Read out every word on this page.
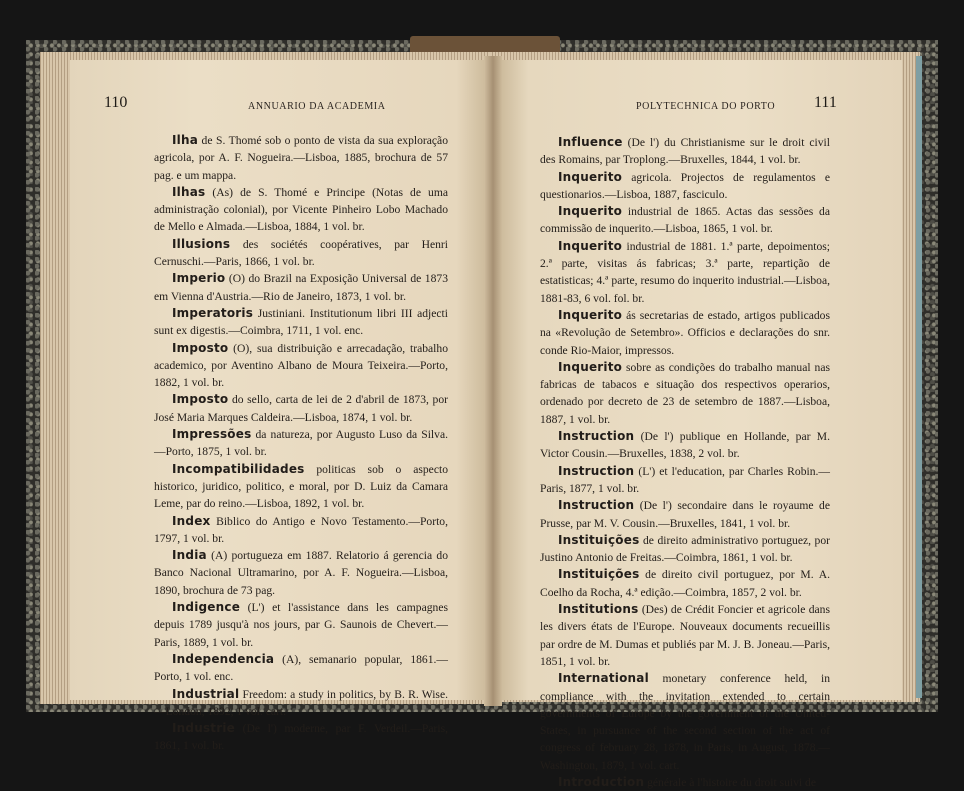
110	ANNUARIO DA ACADEMIA

Ilha de S. Thomé sob o ponto de vista da sua exploração agricola, por A. F. Nogueira.—Lisboa, 1885, brochura de 57 pag. e um mappa.

Ilhas (As) de S. Thomé e Principe (Notas de uma administração colonial), por Vicente Pinheiro Lobo Machado de Mello e Almada.—Lisboa, 1884, 1 vol. br.

Illusions des sociétés coopératives, par Henri Cernuschi.—Paris, 1866, 1 vol. br.

Imperio (O) do Brazil na Exposição Universal de 1873 em Vienna d'Austria.—Rio de Janeiro, 1873, 1 vol. br.

Imperatoris Justiniani. Institutionum libri III adjecti sunt ex digestis.—Coimbra, 1711, 1 vol. enc.

Imposto (O), sua distribuição e arrecadação, trabalho academico, por Aventino Albano de Moura Teixeira.—Porto, 1882, 1 vol. br.

Imposto do sello, carta de lei de 2 d'abril de 1873, por José Maria Marques Caldeira.—Lisboa, 1874, 1 vol. br.

Impressões da natureza, por Augusto Luso da Silva.—Porto, 1875, 1 vol. br.

Incompatibilidades politicas sob o aspecto historico, juridico, politico, e moral, por D. Luiz da Camara Leme, par do reino.—Lisboa, 1892, 1 vol. br.

Index Biblico do Antigo e Novo Testamento.—Porto, 1797, 1 vol. br.

India (A) portugueza em 1887. Relatorio á gerencia do Banco Nacional Ultramarino, por A. F. Nogueira.—Lisboa, 1890, brochura de 73 pag.

Indigence (L') et l'assistance dans les campagnes depuis 1789 jusqu'à nos jours, par G. Saunois de Chevert.—Paris, 1889, 1 vol. br.

Independencia (A), semanario popular, 1861.—Porto, 1 vol. enc.

Industrial Freedom: a study in politics, by B. R. Wise.—London, 1892, 1 vol. cart.

Industrie (De l') moderne, par F. Verdeil.—Paris, 1861, 1 vol. br.

POLYTECHNICA DO PORTO 111

Influence (De l') du Christianisme sur le droit civil des Romains, par Troplong.—Bruxelles, 1844, 1 vol. br.

Inquerito agricola. Projectos de regulamentos e questionarios.—Lisboa, 1887, fasciculo.

Inquerito industrial de 1865. Actas das sessões da commissão de inquerito.—Lisboa, 1865, 1 vol. br.

Inquerito industrial de 1881. 1.ª parte, depoimentos; 2.ª parte, visitas ás fabricas; 3.ª parte, repartição de estatisticas; 4.ª parte, resumo do inquerito industrial.—Lisboa, 1881-83, 6 vol. fol. br.

Inquerito ás secretarias de estado, artigos publicados na «Revolução de Setembro». Officios e declarações do snr. conde Rio-Maior, impressos.

Inquerito sobre as condições do trabalho manual nas fabricas de tabacos e situação dos respectivos operarios, ordenado por decreto de 23 de setembro de 1887.—Lisboa, 1887, 1 vol. br.

Instruction (De l') publique en Hollande, par M. Victor Cousin.—Bruxelles, 1838, 2 vol. br.

Instruction (L') et l'education, par Charles Robin.—Paris, 1877, 1 vol. br.

Instruction (De l') secondaire dans le royaume de Prusse, par M. V. Cousin.—Bruxelles, 1841, 1 vol. br.

Instituições de direito administrativo portuguez, por Justino Antonio de Freitas.—Coimbra, 1861, 1 vol. br.

Instituições de direito civil portuguez, por M. A. Coelho da Rocha, 4.ª edição.—Coimbra, 1857, 2 vol. br.

Institutions (Des) de Crédit Foncier et agricole dans les divers états de l'Europe. Nouveaux documents recueillis par ordre de M. Dumas et publiés par M. J. B. Joneau.—Paris, 1851, 1 vol. br.

International monetary conference held, in compliance with the invitation extended to certain governments of Europe by the government of the United-States, in pursuance of the second section of the act of congress of february 28, 1878, in Paris, in August, 1878.—Washington, 1879, 1 vol. cart.

Introduction générale à l'histoire du droit suivi de
